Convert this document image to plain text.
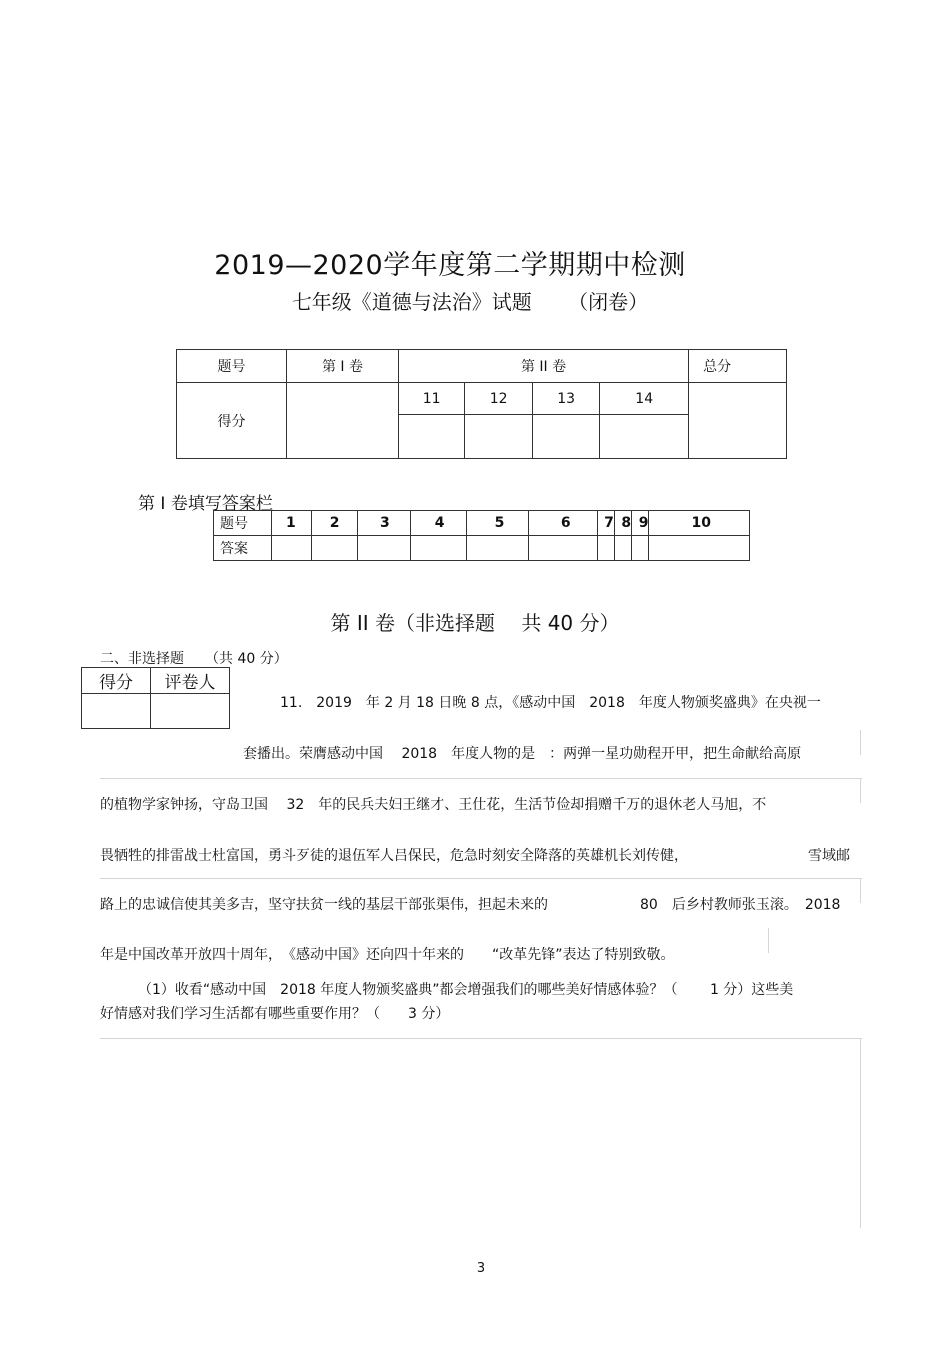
2019—2020学年度第二学期期中检测
七年级《道德与法治》试题 （闭卷）
题号	第 I 卷	第 II 卷				总分
得分		11	12	13	14	

第 I 卷填写答案栏
题号	1	2	3	4	5	6	7	8	9	10
答案										
第 II 卷（非选择题　 共 40 分）
二、非选择题　　（共 40 分）
得分	评卷人

11.　2019　年 2 月 18 日晚 8 点，《感动中国　2018　年度人物颁奖盛典》在央视一
套播出。荣膺感动中国　 2018　年度人物的是　：两弹一星功勋程开甲，把生命献给高原
的植物学家钟扬，守岛卫国　 32　年的民兵夫妇王继才、王仕花，生活节俭却捐赠千万的退休老人马旭，不
畏牺牲的排雷战士杜富国，勇斗歹徒的退伍军人吕保民，危急时刻安全降落的英雄机长刘传健，	雪域邮
路上的忠诚信使其美多吉，坚守扶贫一线的基层干部张渠伟，担起未来的	80　后乡村教师张玉滚。　2018
年是中国改革开放四十周年，　《感动中国》还向四十年来的　　“改革先锋”表达了特别致敬。
（1）收看“感动中国　2018 年度人物颁奖盛典”都会增强我们的哪些美好情感体验？（　　 1 分）这些美
好情感对我们学习生活都有哪些重要作用？（　　3 分）
3
